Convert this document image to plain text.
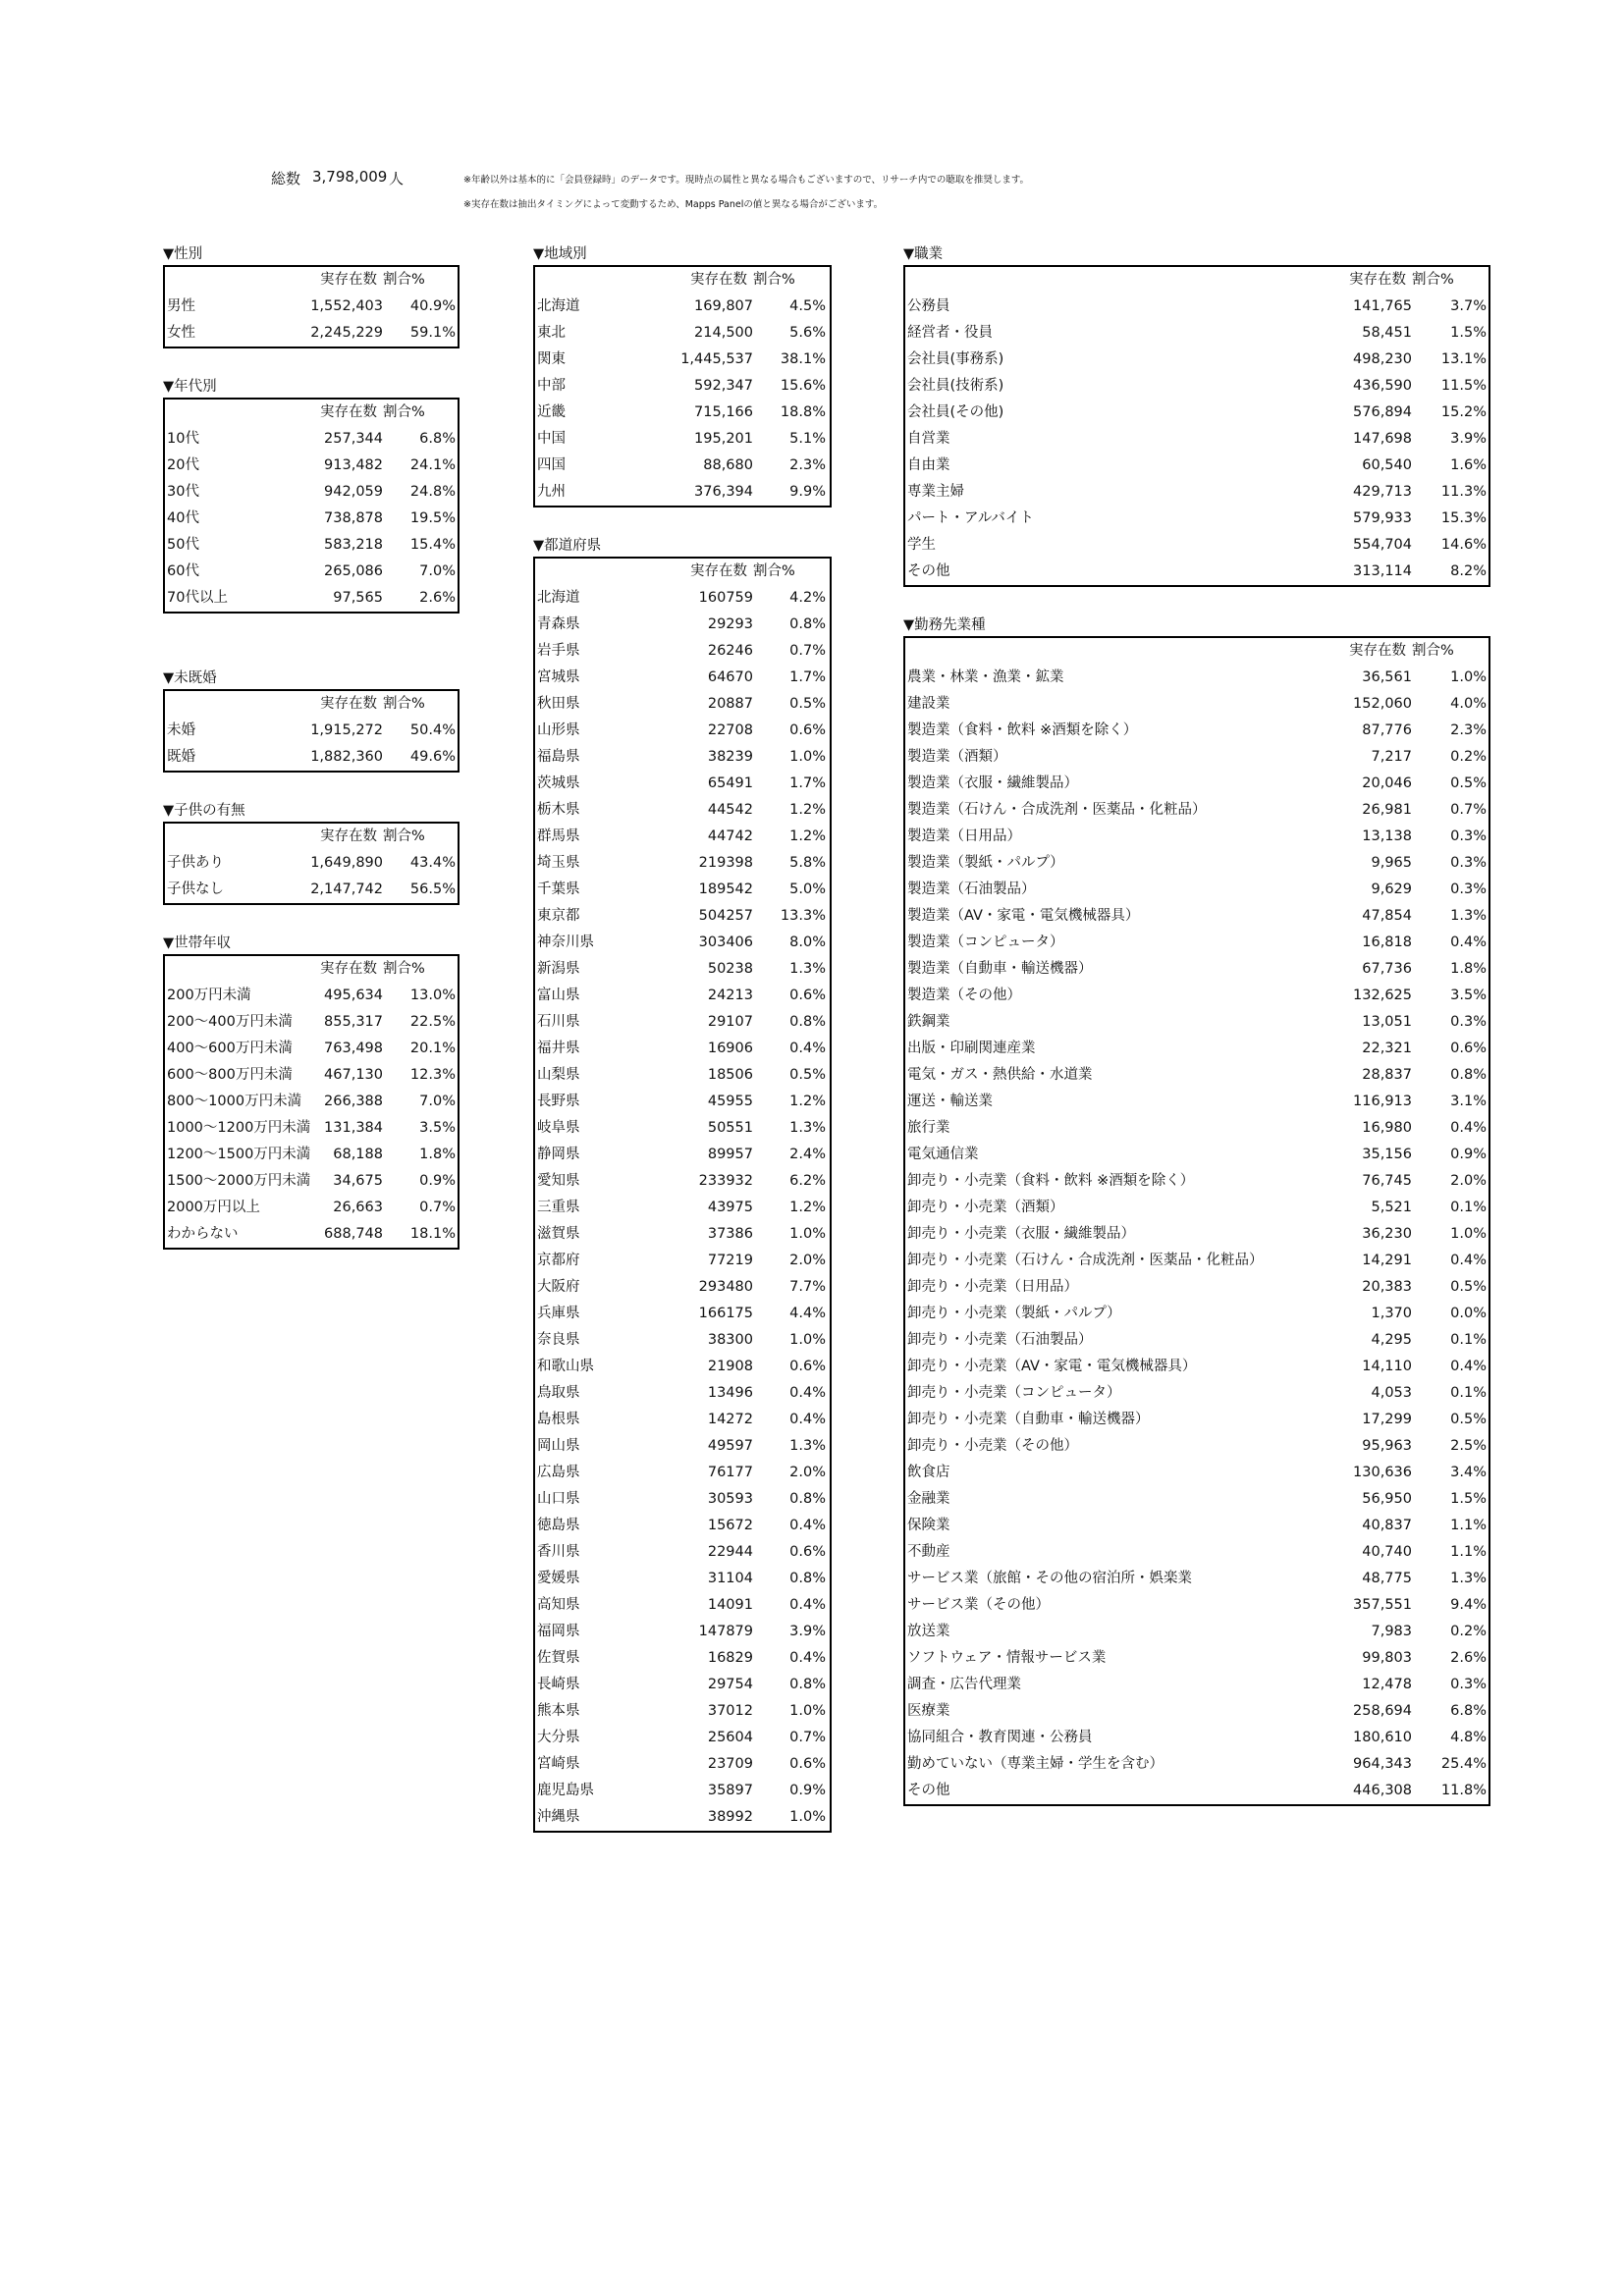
総数 3,798,009 人	※年齢以外は基本的に「会員登録時」のデータです。現時点の属性と異なる場合もございますので、リサーチ内での聴取を推奨します。
※実存在数は抽出タイミングによって変動するため、Mapps Panelの値と異なる場合がございます。
▼性別
実存在数 割合%
男性	1,552,403	40.9%
女性	2,245,229	59.1%
▼年代別
実存在数 割合%
10代	257,344	6.8%
20代	913,482	24.1%
30代	942,059	24.8%
40代	738,878	19.5%
50代	583,218	15.4%
60代	265,086	7.0%
70代以上	97,565	2.6%
▼未既婚
実存在数 割合%
未婚	1,915,272	50.4%
既婚	1,882,360	49.6%
▼子供の有無
実存在数 割合%
子供あり	1,649,890	43.4%
子供なし	2,147,742	56.5%
▼世帯年収
実存在数 割合%
200万円未満	495,634	13.0%
200～400万円未満	855,317	22.5%
400～600万円未満	763,498	20.1%
600～800万円未満	467,130	12.3%
800～1000万円未満	266,388	7.0%
1000～1200万円未満 131,384	3.5%
1200～1500万円未満	68,188	1.8%
1500～2000万円未満	34,675	0.9%
2000万円以上	26,663	0.7%
わからない	688,748	18.1%
▼地域別
実存在数 割合%
北海道	169,807	4.5%
東北	214,500	5.6%
関東	1,445,537	38.1%
中部	592,347	15.6%
近畿	715,166	18.8%
中国	195,201	5.1%
四国	88,680	2.3%
九州	376,394	9.9%
▼都道府県
実存在数 割合%
北海道	160759	4.2%
青森県	29293	0.8%
岩手県	26246	0.7%
宮城県	64670	1.7%
秋田県	20887	0.5%
山形県	22708	0.6%
福島県	38239	1.0%
茨城県	65491	1.7%
栃木県	44542	1.2%
群馬県	44742	1.2%
埼玉県	219398	5.8%
千葉県	189542	5.0%
東京都	504257	13.3%
神奈川県	303406	8.0%
新潟県	50238	1.3%
富山県	24213	0.6%
石川県	29107	0.8%
福井県	16906	0.4%
山梨県	18506	0.5%
長野県	45955	1.2%
岐阜県	50551	1.3%
静岡県	89957	2.4%
愛知県	233932	6.2%
三重県	43975	1.2%
滋賀県	37386	1.0%
京都府	77219	2.0%
大阪府	293480	7.7%
兵庫県	166175	4.4%
奈良県	38300	1.0%
和歌山県	21908	0.6%
鳥取県	13496	0.4%
島根県	14272	0.4%
岡山県	49597	1.3%
広島県	76177	2.0%
山口県	30593	0.8%
徳島県	15672	0.4%
香川県	22944	0.6%
愛媛県	31104	0.8%
高知県	14091	0.4%
福岡県	147879	3.9%
佐賀県	16829	0.4%
長崎県	29754	0.8%
熊本県	37012	1.0%
大分県	25604	0.7%
宮崎県	23709	0.6%
鹿児島県	35897	0.9%
沖縄県	38992	1.0%
▼職業
実存在数 割合%
公務員	141,765	3.7%
経営者・役員	58,451	1.5%
会社員(事務系)	498,230	13.1%
会社員(技術系)	436,590	11.5%
会社員(その他)	576,894	15.2%
自営業	147,698	3.9%
自由業	60,540	1.6%
専業主婦	429,713	11.3%
パート・アルバイト	579,933	15.3%
学生	554,704	14.6%
その他	313,114	8.2%
▼勤務先業種
実存在数 割合%
農業・林業・漁業・鉱業	36,561	1.0%
建設業	152,060	4.0%
製造業（食料・飲料 ※酒類を除く）	87,776	2.3%
製造業（酒類）	7,217	0.2%
製造業（衣服・繊維製品）	20,046	0.5%
製造業（石けん・合成洗剤・医薬品・化粧品）	26,981	0.7%
製造業（日用品）	13,138	0.3%
製造業（製紙・パルプ）	9,965	0.3%
製造業（石油製品）	9,629	0.3%
製造業（AV・家電・電気機械器具）	47,854	1.3%
製造業（コンピュータ）	16,818	0.4%
製造業（自動車・輸送機器）	67,736	1.8%
製造業（その他）	132,625	3.5%
鉄鋼業	13,051	0.3%
出版・印刷関連産業	22,321	0.6%
電気・ガス・熱供給・水道業	28,837	0.8%
運送・輸送業	116,913	3.1%
旅行業	16,980	0.4%
電気通信業	35,156	0.9%
卸売り・小売業（食料・飲料 ※酒類を除く）	76,745	2.0%
卸売り・小売業（酒類）	5,521	0.1%
卸売り・小売業（衣服・繊維製品）	36,230	1.0%
卸売り・小売業（石けん・合成洗剤・医薬品・化粧品）	14,291	0.4%
卸売り・小売業（日用品）	20,383	0.5%
卸売り・小売業（製紙・パルプ）	1,370	0.0%
卸売り・小売業（石油製品）	4,295	0.1%
卸売り・小売業（AV・家電・電気機械器具）	14,110	0.4%
卸売り・小売業（コンピュータ）	4,053	0.1%
卸売り・小売業（自動車・輸送機器）	17,299	0.5%
卸売り・小売業（その他）	95,963	2.5%
飲食店	130,636	3.4%
金融業	56,950	1.5%
保険業	40,837	1.1%
不動産	40,740	1.1%
サービス業（旅館・その他の宿泊所・娯楽業	48,775	1.3%
サービス業（その他）	357,551	9.4%
放送業	7,983	0.2%
ソフトウェア・情報サービス業	99,803	2.6%
調査・広告代理業	12,478	0.3%
医療業	258,694	6.8%
協同組合・教育関連・公務員	180,610	4.8%
勤めていない（専業主婦・学生を含む）	964,343	25.4%
その他	446,308	11.8%
